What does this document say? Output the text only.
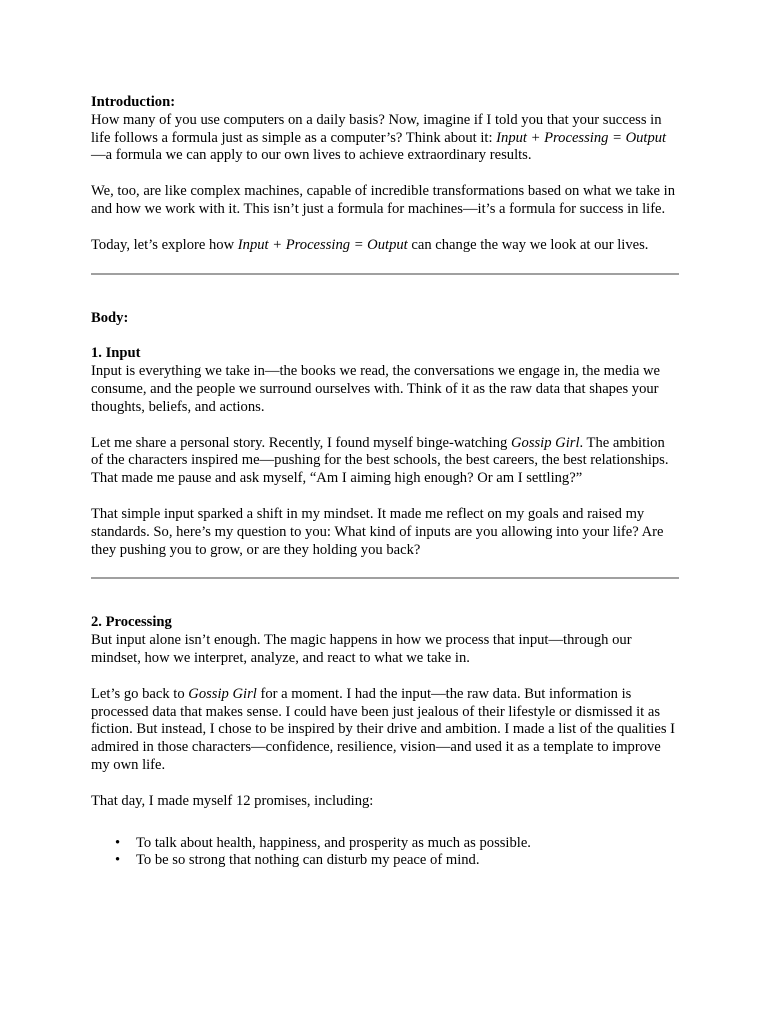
Introduction:

How many of you use computers on a daily basis? Now, imagine if I told you that your success in life follows a formula just as simple as a computer’s? Think about it: Input + Processing = Output—a formula we can apply to our own lives to achieve extraordinary results.

We, too, are like complex machines, capable of incredible transformations based on what we take in and how we work with it. This isn’t just a formula for machines—it’s a formula for success in life.

Today, let’s explore how Input + Processing = Output can change the way we look at our lives.

Body:

1. Input

Input is everything we take in—the books we read, the conversations we engage in, the media we consume, and the people we surround ourselves with. Think of it as the raw data that shapes your thoughts, beliefs, and actions.

Let me share a personal story. Recently, I found myself binge-watching Gossip Girl. The ambition of the characters inspired me—pushing for the best schools, the best careers, the best relationships. That made me pause and ask myself, “Am I aiming high enough? Or am I settling?”

That simple input sparked a shift in my mindset. It made me reflect on my goals and raised my standards. So, here’s my question to you: What kind of inputs are you allowing into your life? Are they pushing you to grow, or are they holding you back?

2. Processing

But input alone isn’t enough. The magic happens in how we process that input—through our mindset, how we interpret, analyze, and react to what we take in.

Let’s go back to Gossip Girl for a moment. I had the input—the raw data. But information is processed data that makes sense. I could have been just jealous of their lifestyle or dismissed it as fiction. But instead, I chose to be inspired by their drive and ambition. I made a list of the qualities I admired in those characters—confidence, resilience, vision—and used it as a template to improve my own life.

That day, I made myself 12 promises, including:

• To talk about health, happiness, and prosperity as much as possible.
• To be so strong that nothing can disturb my peace of mind.
